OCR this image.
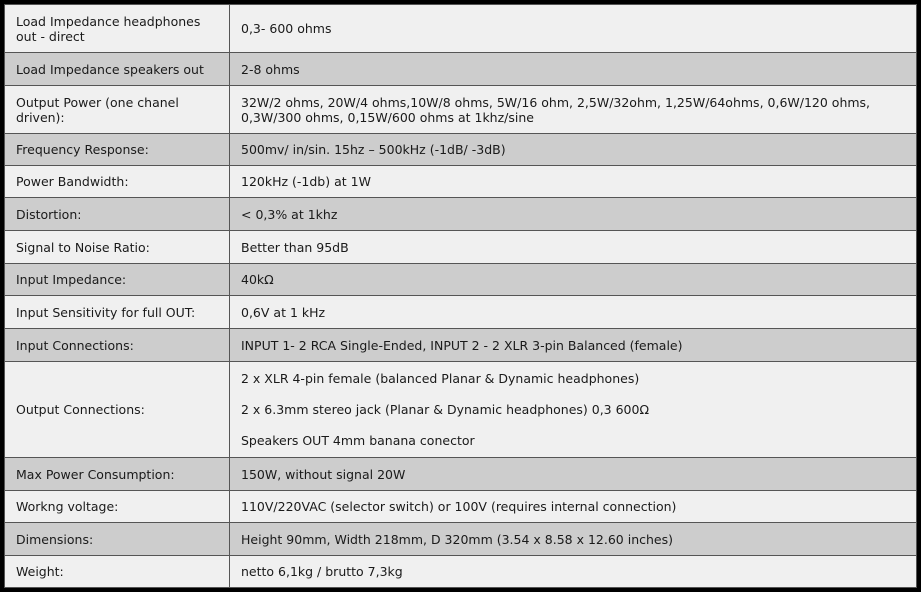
Load Impedance headphones out - direct	0,3- 600 ohms

Load Impedance speakers out	2-8 ohms

Output Power (one chanel driven):	32W/2 ohms, 20W/4 ohms,10W/8 ohms, 5W/16 ohm, 2,5W/32ohm, 1,25W/64ohms, 0,6W/120 ohms, 0,3W/300 ohms, 0,15W/600 ohms at 1khz/sine

Frequency Response:	500mv/ in/sin. 15hz – 500kHz (-1dB/ -3dB)

Power Bandwidth:	120kHz (-1db) at 1W

Distortion:	< 0,3% at 1khz

Signal to Noise Ratio:	Better than 95dB

Input Impedance:	40kΩ

Input Sensitivity for full OUT:	0,6V at 1 kHz

Input Connections:	INPUT 1- 2 RCA Single-Ended, INPUT 2 - 2 XLR 3-pin Balanced (female)

Output Connections:	2 x XLR 4-pin female (balanced Planar & Dynamic headphones)
2 x 6.3mm stereo jack (Planar & Dynamic headphones) 0,3 600Ω
Speakers OUT 4mm banana conector

Max Power Consumption:	150W, without signal 20W

Workng voltage:	110V/220VAC (selector switch) or 100V (requires internal connection)

Dimensions:	Height 90mm, Width 218mm, D 320mm (3.54 x 8.58 x 12.60 inches)

Weight:	netto 6,1kg / brutto 7,3kg
